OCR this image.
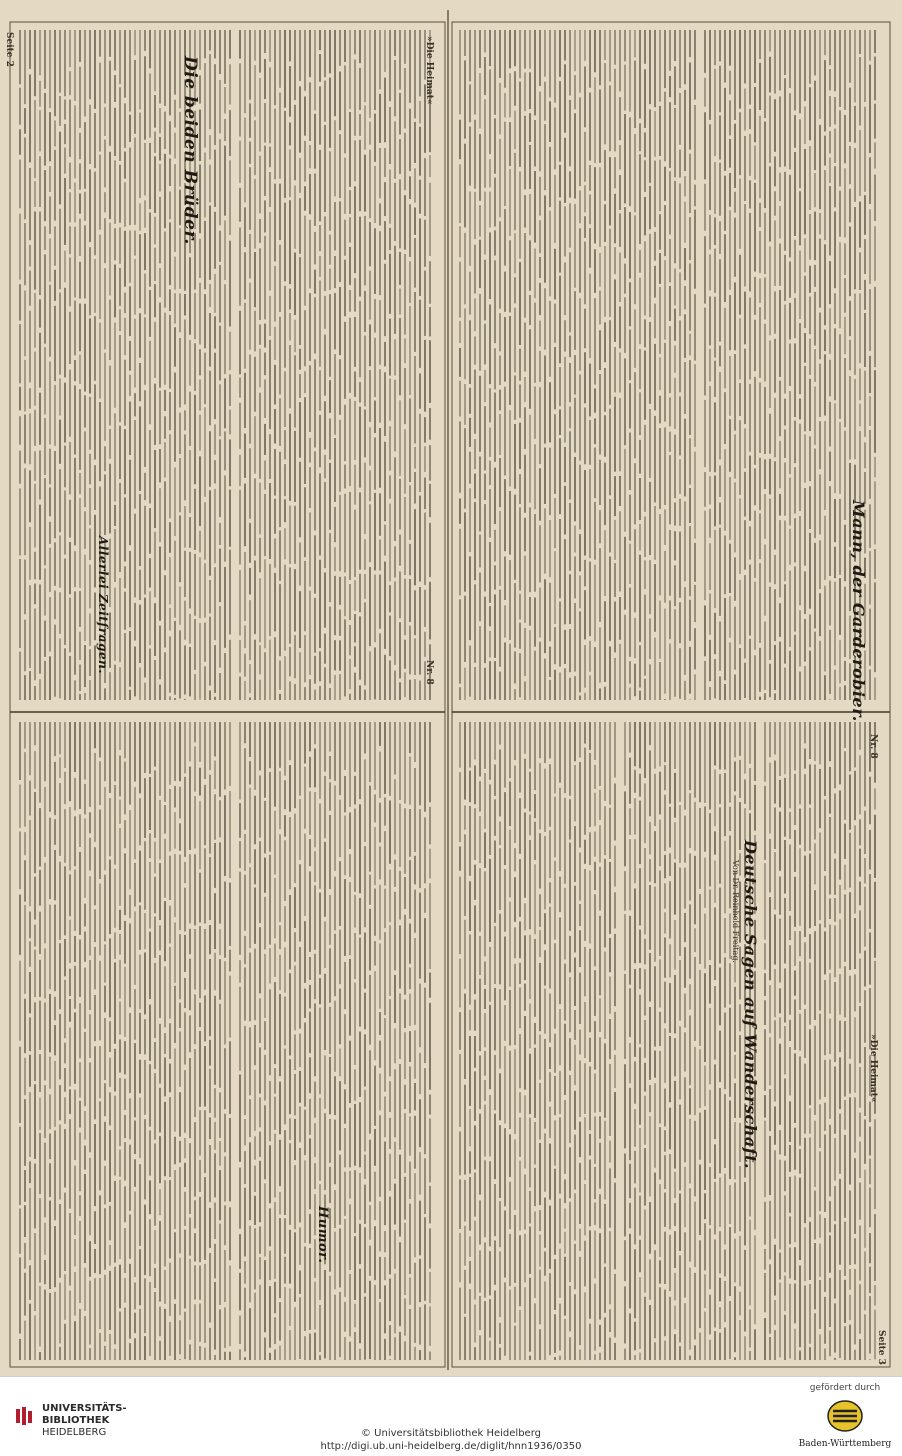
Seite 2	»Die Heimat«
Nr. 8
»Die Heimat«
Nr. 8
Seite 3
Die beiden Brüder.
Mann, der Garderobier.
Allerlei Zeitfragen.
Deutsche Sagen auf Wanderschaft.
Von Dr. Reinhold Freitag.
Humor.
UNIVERSITÄTS-
BIBLIOTHEK
HEIDELBERG	© Universitätsbibliothek Heidelberg
http://digi.ub.uni-heidelberg.de/diglit/hnn1936/0350
gefördert durch
Baden-Württemberg
